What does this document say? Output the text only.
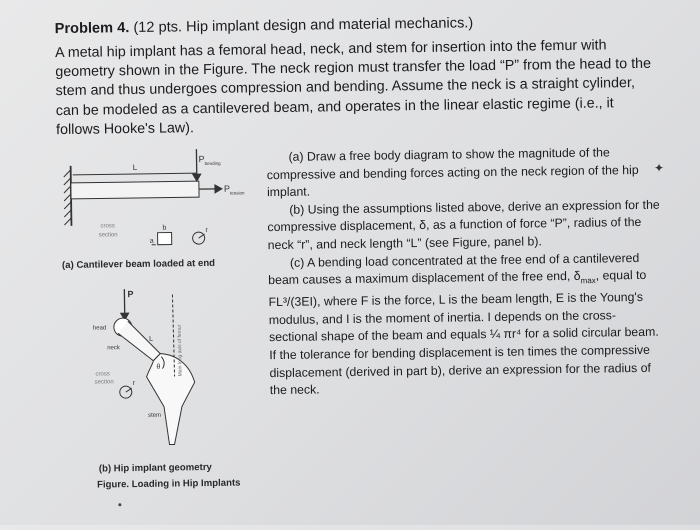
Problem 4. (12 pts. Hip implant design and material mechanics.)
A metal hip implant has a femoral head, neck, and stem for insertion into the femur with geometry shown in the Figure. The neck region must transfer the load “P” from the head to the stem and thus undergoes compression and bending. Assume the neck is a straight cylinder, can be modeled as a cantilevered beam, and operates in the linear elastic regime (i.e., it follows Hooke's Law).
L
P bending
P tension
cross
section
b
a
r
P
head
neck
L
θ	Main long axis of femur
cross
section	r
stem
(a) Cantilever beam loaded at end
(b) Hip implant geometry
Figure. Loading in Hip Implants

(a) Draw a free body diagram to show the magnitude of the compressive and bending forces acting on the neck region of the hip implant.

(b) Using the assumptions listed above, derive an expression for the compressive displacement, δ, as a function of force “P”, radius of the neck “r”, and neck length “L” (see Figure, panel b).

(c) A bending load concentrated at the free end of a cantilevered beam causes a maximum displacement of the free end, $\delta_{max}$, equal to FL³/(3EI), where F is the force, L is the beam length, E is the Young's modulus, and I is the moment of inertia. I depends on the cross-sectional shape of the beam and equals ¼ πr⁴ for a solid circular beam. If the tolerance for bending displacement is ten times the compressive displacement (derived in part b), derive an expression for the radius of the neck.

✦
